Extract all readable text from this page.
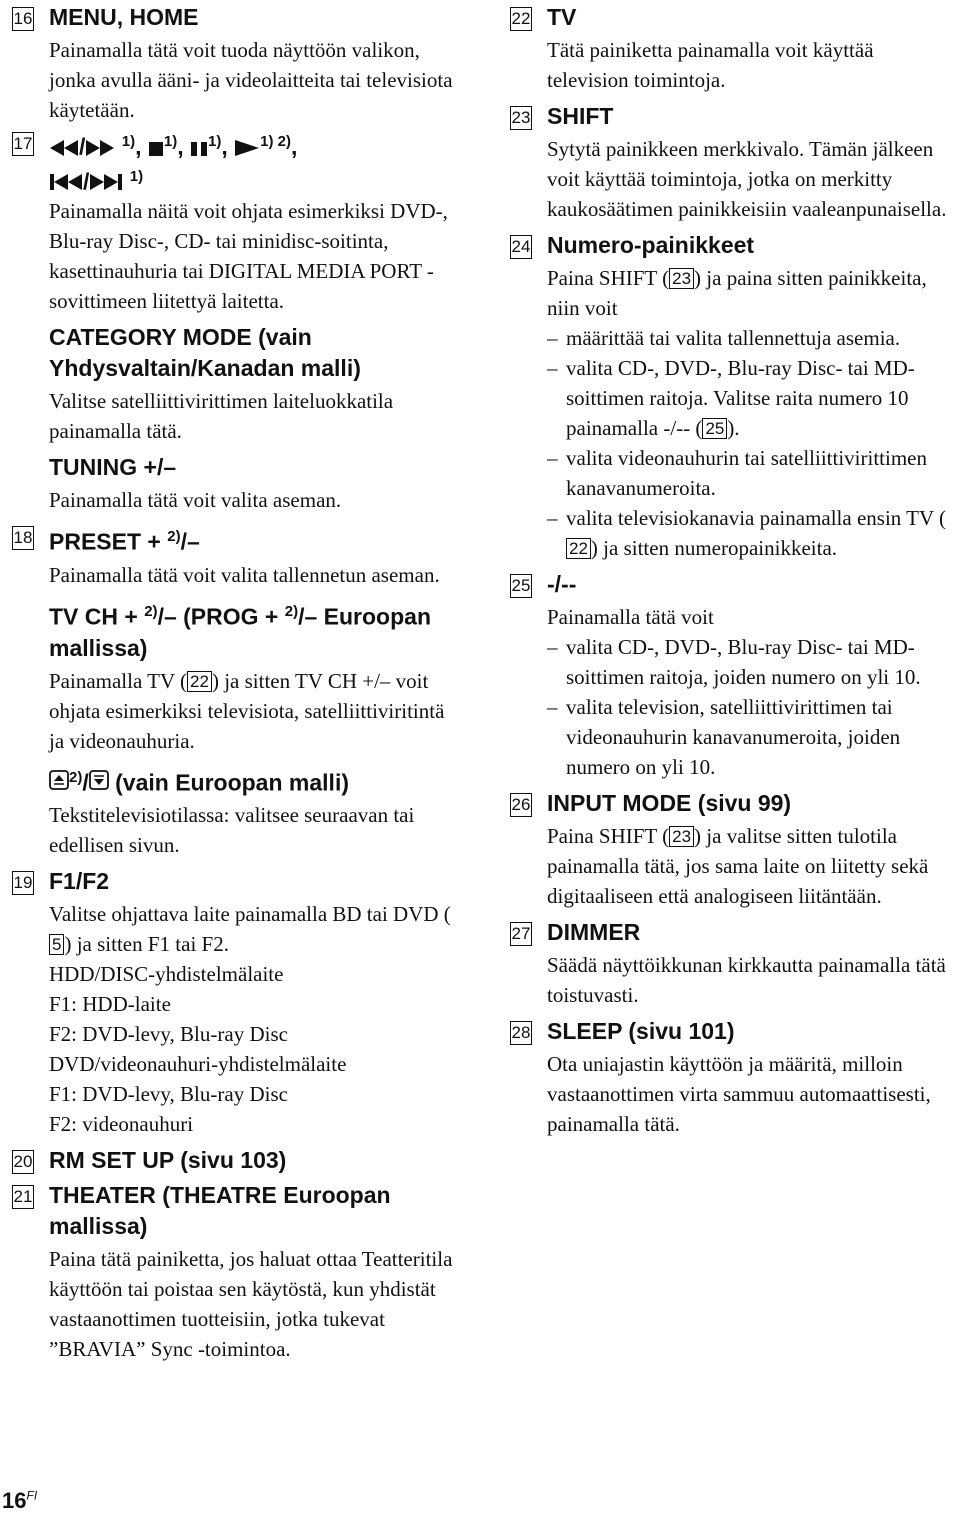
16 MENU, HOME

Painamalla tätä voit tuoda näyttöön valikon, jonka avulla ääni- ja videolaitteita tai televisiota käytetään.

17	/ $^{1)}$, $^{1)}$, $^{1)}$, $^{1) 2)}$,
/	$^{1)}$

Painamalla näitä voit ohjata esimerkiksi DVD-, Blu-ray Disc-, CD- tai minidisc-soitinta, kasettinauhuria tai DIGITAL MEDIA PORT -sovittimeen liitettyä laitetta.

CATEGORY MODE (vain Yhdysvaltain/Kanadan malli)

Valitse satelliittivirittimen laiteluokkatila painamalla tätä.

TUNING +/–

Painamalla tätä voit valita aseman.

18 PRESET + $^{2)}$/–

Painamalla tätä voit valita tallennetun aseman.

TV CH + $^{2)}$/– (PROG + $^{2)}$/– Euroopan mallissa)

Painamalla TV ( 22 ) ja sitten TV CH +/– voit ohjata esimerkiksi televisiota, satelliittiviritintä ja videonauhuria.

$^{2)}$/ (vain Euroopan malli)

Tekstitelevisiotilassa: valitsee seuraavan tai edellisen sivun.

19 F1/F2

Valitse ohjattava laite painamalla BD tai DVD (5 ) ja sitten F1 tai F2.

HDD/DISC-yhdistelmälaite

F1: HDD-laite

F2: DVD-levy, Blu-ray Disc

DVD/videonauhuri-yhdistelmälaite

F1: DVD-levy, Blu-ray Disc

F2: videonauhuri

20 RM SET UP (sivu 103)
21 THEATER (THEATRE Euroopan mallissa)

Paina tätä painiketta, jos haluat ottaa Teatteritila käyttöön tai poistaa sen käytöstä, kun yhdistät vastaanottimen tuotteisiin, jotka tukevat ”BRAVIA” Sync -toimintoa.

22 TV

Tätä painiketta painamalla voit käyttää television toimintoja.

23 SHIFT

Sytytä painikkeen merkkivalo. Tämän jälkeen voit käyttää toimintoja, jotka on merkitty kaukosäätimen painikkeisiin vaaleanpunaisella.

24 Numero-painikkeet

Paina SHIFT ( 23 ) ja paina sitten painikkeita, niin voit

– määrittää tai valita tallennettuja asemia.
– valita CD-, DVD-, Blu-ray Disc- tai MD-soittimen raitoja. Valitse raita numero 10 painamalla -/-- ( 25 ).
– valita videonauhurin tai satelliittivirittimen kanavanumeroita.
– valita televisiokanavia painamalla ensin TV (22 ) ja sitten numeropainikkeita.
25 -/--

Painamalla tätä voit

– valita CD-, DVD-, Blu-ray Disc- tai MD-soittimen raitoja, joiden numero on yli 10.
– valita television, satelliittivirittimen tai videonauhurin kanavanumeroita, joiden numero on yli 10.
26 INPUT MODE (sivu 99)

Paina SHIFT ( 23 ) ja valitse sitten tulotila painamalla tätä, jos sama laite on liitetty sekä digitaaliseen että analogiseen liitäntään.

27 DIMMER

Säädä näyttöikkunan kirkkautta painamalla tätä toistuvasti.

28 SLEEP (sivu 101)

Ota uniajastin käyttöön ja määritä, milloin vastaanottimen virta sammuu automaattisesti, painamalla tätä.

$16^{FI}$
